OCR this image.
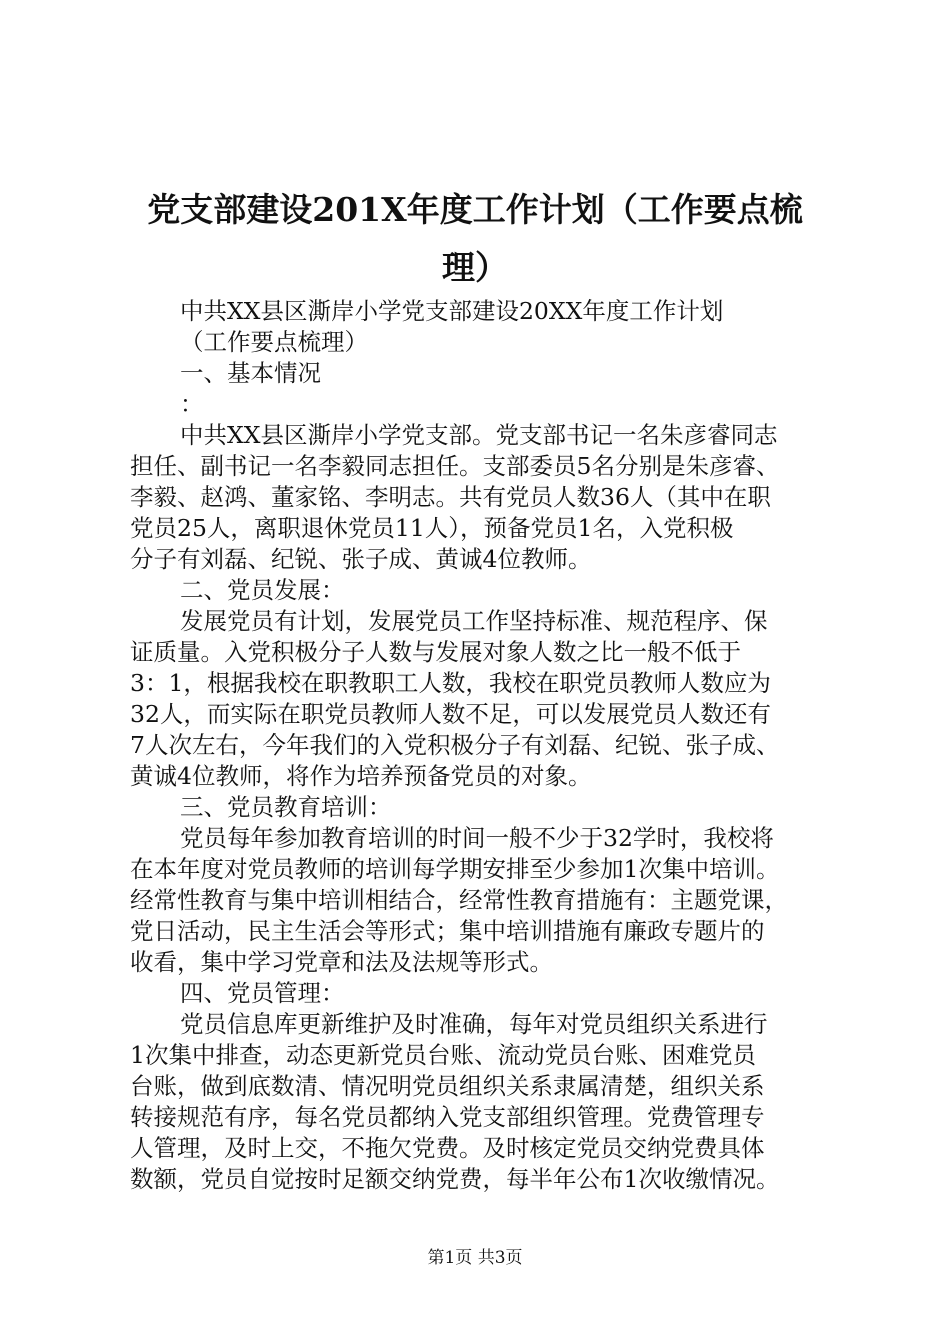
党支部建设201X年度工作计划（工作要点梳
理）

中共XX县区澌岸小学党支部建设20XX年度工作计划

（工作要点梳理）

一、基本情况

：

中共XX县区澌岸小学党支部。党支部书记一名朱彦睿同志

担任、副书记一名李毅同志担任。支部委员5名分别是朱彦睿、

李毅、赵鸿、董家铭、李明志。共有党员人数36人（其中在职

党员25人，离职退休党员11人），预备党员1名，入党积极

分子有刘磊、纪锐、张子成、黄诚4位教师。

二、党员发展：

发展党员有计划，发展党员工作坚持标准、规范程序、保

证质量。入党积极分子人数与发展对象人数之比一般不低于

3：1，根据我校在职教职工人数，我校在职党员教师人数应为

32人，而实际在职党员教师人数不足，可以发展党员人数还有

7人次左右，今年我们的入党积极分子有刘磊、纪锐、张子成、

黄诚4位教师，将作为培养预备党员的对象。

三、党员教育培训：

党员每年参加教育培训的时间一般不少于32学时，我校将

在本年度对党员教师的培训每学期安排至少参加1次集中培训。

经常性教育与集中培训相结合，经常性教育措施有：主题党课，

党日活动，民主生活会等形式；集中培训措施有廉政专题片的

收看，集中学习党章和法及法规等形式。

四、党员管理：

党员信息库更新维护及时准确，每年对党员组织关系进行

1次集中排查，动态更新党员台账、流动党员台账、困难党员

台账，做到底数清、情况明党员组织关系隶属清楚，组织关系

转接规范有序，每名党员都纳入党支部组织管理。党费管理专

人管理，及时上交，不拖欠党费。及时核定党员交纳党费具体

数额，党员自觉按时足额交纳党费，每半年公布1次收缴情况。

第1页 共3页
